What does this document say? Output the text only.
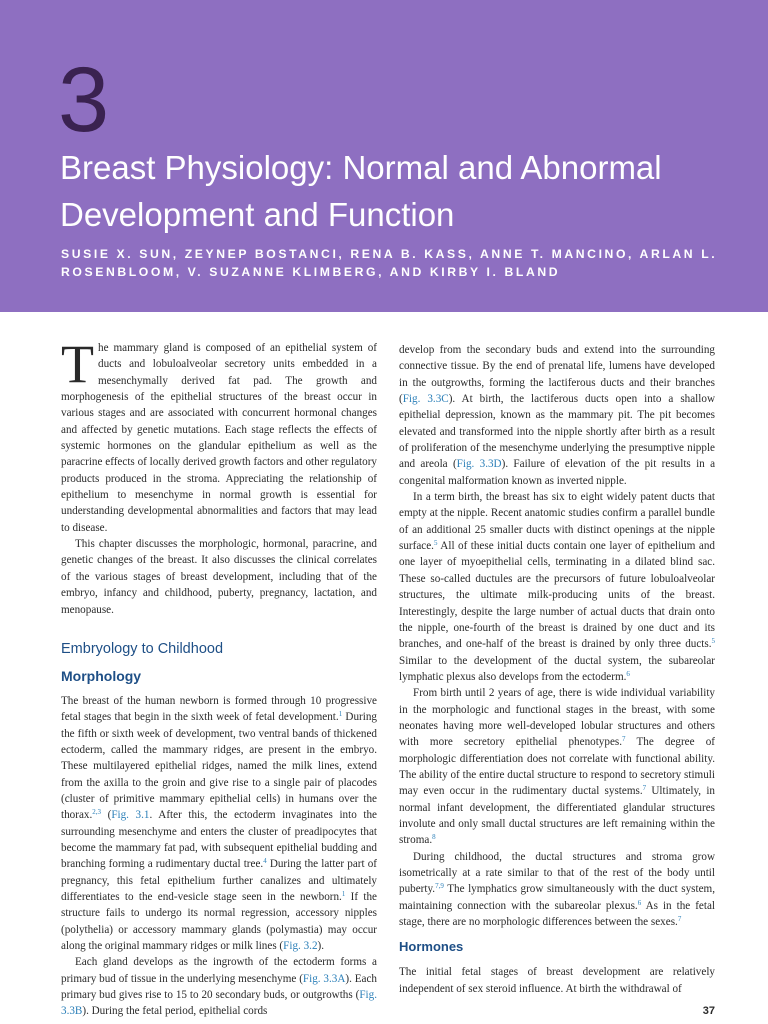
3
Breast Physiology: Normal and Abnormal Development and Function
SUSIE X. SUN, ZEYNEP BOSTANCI, RENA B. KASS, ANNE T. MANCINO, ARLAN L. ROSENBLOOM, V. SUZANNE KLIMBERG, AND KIRBY I. BLAND

The mammary gland is composed of an epithelial system of ducts and lobuloalveolar secretory units embedded in a mesenchymally derived fat pad. The growth and morphogenesis of the epithelial structures of the breast occur in various stages and are associated with concurrent hormonal changes and affected by genetic mutations. Each stage reflects the effects of systemic hormones on the glandular epithelium as well as the paracrine effects of locally derived growth factors and other regulatory products produced in the stroma. Appreciating the relationship of epithelium to mesenchyme in normal growth is essential for understanding developmental abnormalities and factors that may lead to disease.

This chapter discusses the morphologic, hormonal, paracrine, and genetic changes of the breast. It also discusses the clinical correlates of the various stages of breast development, including that of the embryo, infancy and childhood, puberty, pregnancy, lactation, and menopause.

Embryology to Childhood
Morphology

The breast of the human newborn is formed through 10 progressive fetal stages that begin in the sixth week of fetal development.$^1$ During the fifth or sixth week of development, two ventral bands of thickened ectoderm, called the mammary ridges, are present in the embryo. These multilayered epithelial ridges, named the milk lines, extend from the axilla to the groin and give rise to a single pair of placodes (cluster of primitive mammary epithelial cells) in humans over the thorax.$^{2,3}$ (Fig. 3.1. After this, the ectoderm invaginates into the surrounding mesenchyme and enters the cluster of preadipocytes that become the mammary fat pad, with subsequent epithelial budding and branching forming a rudimentary ductal tree.$^4$ During the latter part of pregnancy, this fetal epithelium further canalizes and ultimately differentiates to the end-vesicle stage seen in the newborn.$^1$ If the structure fails to undergo its normal regression, accessory nipples (polythelia) or accessory mammary glands (polymastia) may occur along the original mammary ridges or milk lines (Fig. 3.2).

Each gland develops as the ingrowth of the ectoderm forms a primary bud of tissue in the underlying mesenchyme (Fig. 3.3A). Each primary bud gives rise to 15 to 20 secondary buds, or outgrowths (Fig. 3.3B). During the fetal period, epithelial cords

develop from the secondary buds and extend into the surrounding connective tissue. By the end of prenatal life, lumens have developed in the outgrowths, forming the lactiferous ducts and their branches (Fig. 3.3C). At birth, the lactiferous ducts open into a shallow epithelial depression, known as the mammary pit. The pit becomes elevated and transformed into the nipple shortly after birth as a result of proliferation of the mesenchyme underlying the presumptive nipple and areola (Fig. 3.3D). Failure of elevation of the pit results in a congenital malformation known as inverted nipple.

In a term birth, the breast has six to eight widely patent ducts that empty at the nipple. Recent anatomic studies confirm a parallel bundle of an additional 25 smaller ducts with distinct openings at the nipple surface.$^5$ All of these initial ducts contain one layer of epithelium and one layer of myoepithelial cells, terminating in a dilated blind sac. These so-called ductules are the precursors of future lobuloalveolar structures, the ultimate milk-producing units of the breast. Interestingly, despite the large number of actual ducts that drain onto the nipple, one-fourth of the breast is drained by one duct and its branches, and one-half of the breast is drained by only three ducts.$^5$ Similar to the development of the ductal system, the subareolar lymphatic plexus also develops from the ectoderm.$^6$

From birth until 2 years of age, there is wide individual variability in the morphologic and functional stages in the breast, with some neonates having more well-developed lobular structures and others with more secretory epithelial phenotypes.$^7$ The degree of morphologic differentiation does not correlate with functional ability. The ability of the entire ductal structure to respond to secretory stimuli may even occur in the rudimentary ductal systems.$^7$ Ultimately, in normal infant development, the differentiated glandular structures involute and only small ductal structures are left remaining within the stroma.$^8$

During childhood, the ductal structures and stroma grow isometrically at a rate similar to that of the rest of the body until puberty.$^{7,9}$ The lymphatics grow simultaneously with the duct system, maintaining connection with the subareolar plexus.$^6$ As in the fetal stage, there are no morphologic differences between the sexes.$^7$

Hormones

The initial fetal stages of breast development are relatively independent of sex steroid influence. At birth the withdrawal of

37
